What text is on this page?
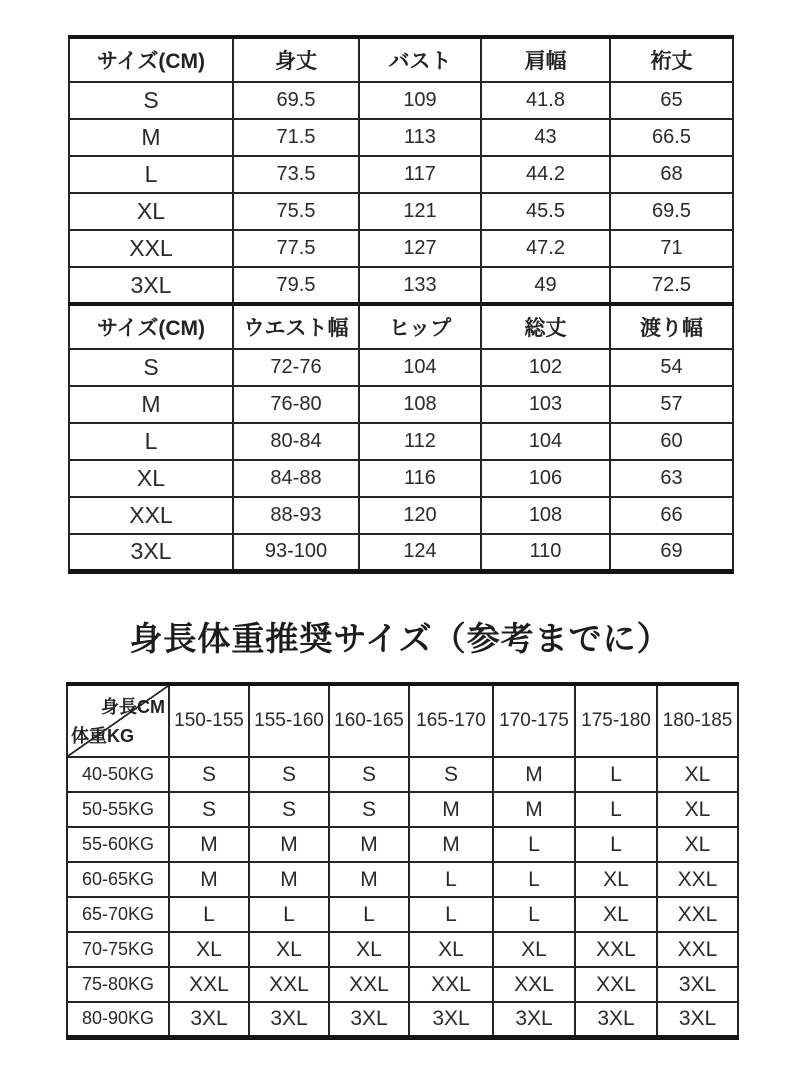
サイズ(CM)	身丈	バスト	肩幅	裄丈
S	69.5	109	41.8	65
M	71.5	113	43	66.5
L	73.5	117	44.2	68
XL	75.5	121	45.5	69.5
XXL	77.5	127	47.2	71
3XL	79.5	133	49	72.5
サイズ(CM)	ウエスト幅	ヒップ	総丈	渡り幅
S	72-76	104	102	54
M	76-80	108	103	57
L	80-84	112	104	60
XL	84-88	116	106	63
XXL	88-93	120	108	66
3XL	93-100	124	110	69
身長体重推奨サイズ（参考までに）
身長CM
体重KG	150-155	155-160	160-165	165-170	170-175	175-180	180-185
40-50KG	S	S	S	S	M	L	XL
50-55KG	S	S	S	M	M	L	XL
55-60KG	M	M	M	M	L	L	XL
60-65KG	M	M	M	L	L	XL	XXL
65-70KG	L	L	L	L	L	XL	XXL
70-75KG	XL	XL	XL	XL	XL	XXL	XXL
75-80KG	XXL	XXL	XXL	XXL	XXL	XXL	3XL
80-90KG	3XL	3XL	3XL	3XL	3XL	3XL	3XL
